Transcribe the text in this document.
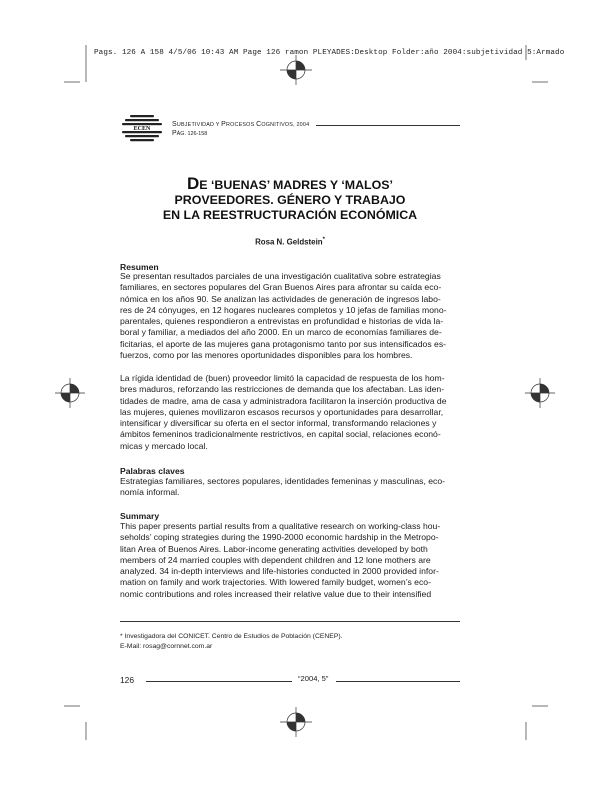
Pags. 126 A 158 4/5/06 10:43 AM Page 126 ramon PLEYADES:Desktop Folder:año 2004:subjetividad 5:Armado
ECEN
SUBJETIVIDAD Y PROCESOS COGNITIVOS, 2004
PÁG. 126-158
DE ‘BUENAS’ MADRES Y ‘MALOS’
PROVEEDORES. GÉNERO Y TRABAJO
EN LA REESTRUCTURACIÓN ECONÓMICA
Rosa N. Geldstein*
Resumen
Se presentan resultados parciales de una investigación cualitativa sobre estrategias
familiares, en sectores populares del Gran Buenos Aires para afrontar su caída eco-
nómica en los años 90. Se analizan las actividades de generación de ingresos labo-
res de 24 cónyuges, en 12 hogares nucleares completos y 10 jefas de familias mono-
parentales, quienes respondieron a entrevistas en profundidad e historias de vida la-
boral y familiar, a mediados del año 2000. En un marco de economías familiares de-
ficitarias, el aporte de las mujeres gana protagonismo tanto por sus intensificados es-
fuerzos, como por las menores oportunidades disponibles para los hombres.
La rígida identidad de (buen) proveedor limitó la capacidad de respuesta de los hom-
bres maduros, reforzando las restricciones de demanda que los afectaban. Las iden-
tidades de madre, ama de casa y administradora facilitaron la inserción productiva de
las mujeres, quienes movilizaron escasos recursos y oportunidades para desarrollar,
intensificar y diversificar su oferta en el sector informal, transformando relaciones y
ámbitos femeninos tradicionalmente restrictivos, en capital social, relaciones econó-
micas y mercado local.
Palabras claves
Estrategias familiares, sectores populares, identidades femeninas y masculinas, eco-
nomía informal.
Summary
This paper presents partial results from a qualitative research on working-class hou-
seholds’ coping strategies during the 1990-2000 economic hardship in the Metropo-
litan Area of Buenos Aires. Labor-income generating activities developed by both
members of 24 married couples with dependent children and 12 lone mothers are
analyzed. 34 in-depth interviews and life-histories conducted in 2000 provided infor-
mation on family and work trajectories. With lowered family budget, women’s eco-
nomic contributions and roles increased their relative value due to their intensified
* Investigadora del CONICET. Centro de Estudios de Población (CENEP).
E-Mail: rosag@cornnet.com.ar
126	“2004, 5”
